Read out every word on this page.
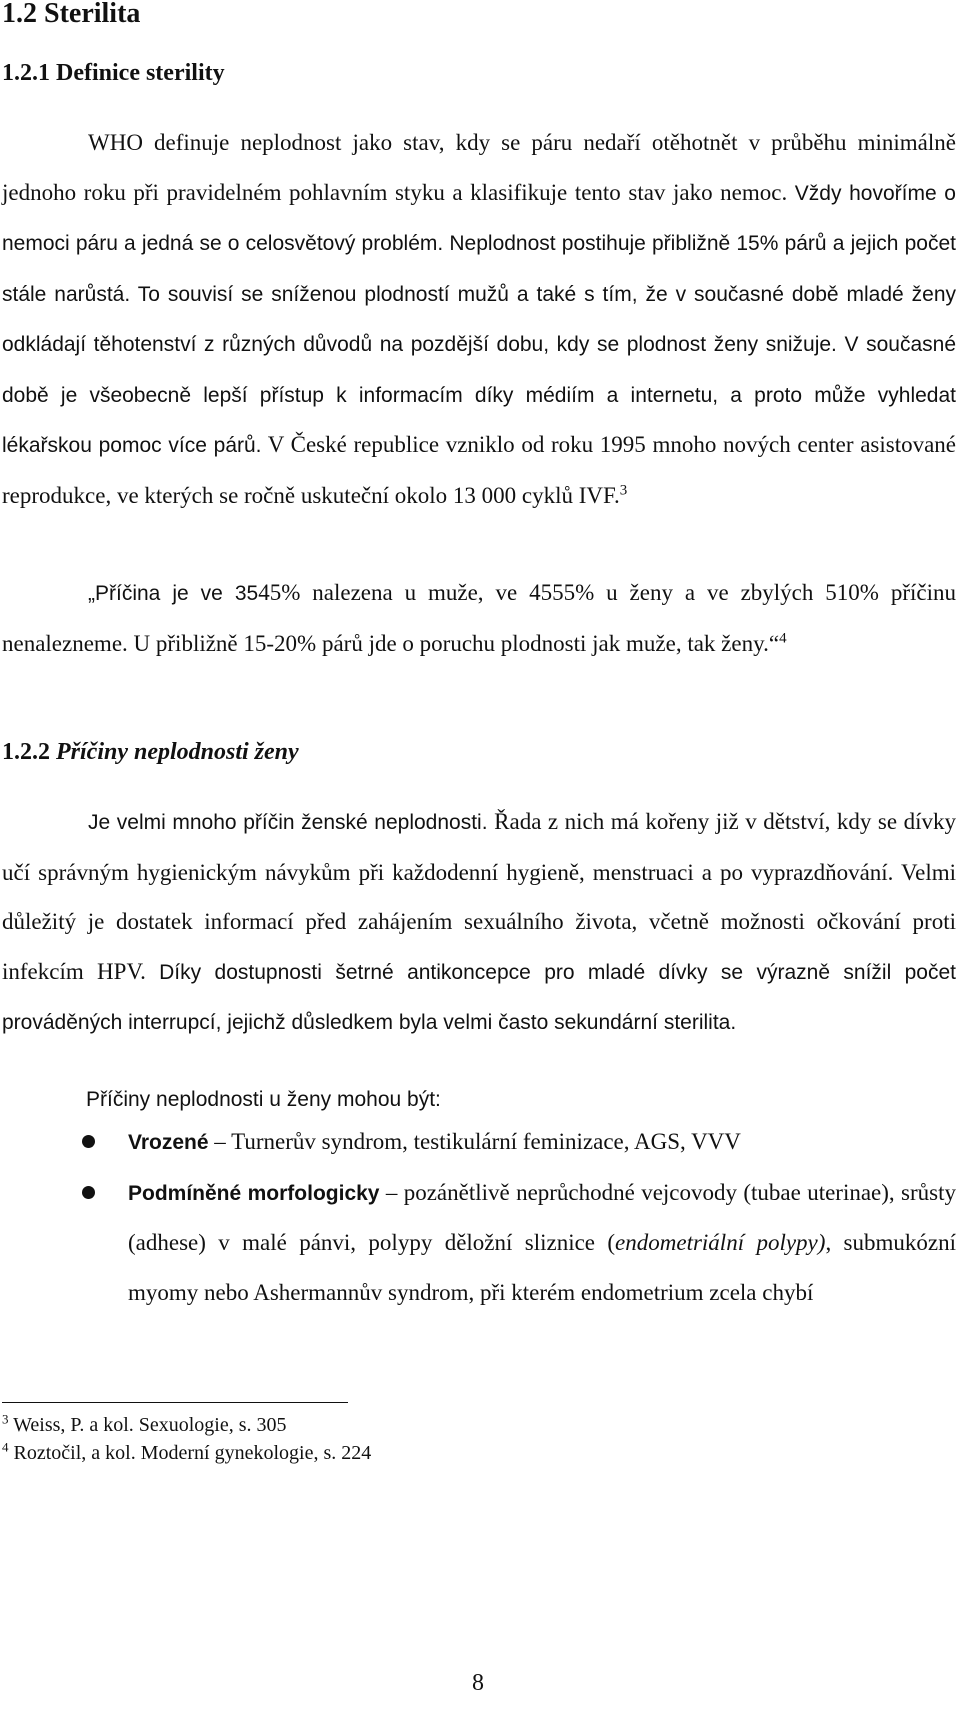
1.2 Sterilita
1.2.1 Definice sterility

WHO definuje neplodnost jako stav, kdy se páru nedaří otěhotnět v průběhu minimálně jednoho roku při pravidelném pohlavním styku a klasifikuje tento stav jako nemoc. Vždy hovoříme o nemoci páru a jedná se o celosvětový problém. Neplodnost postihuje přibližně 15% párů a jejich počet stále narůstá. To souvisí se sníženou plodností mužů a také s tím, že v současné době mladé ženy odkládají těhotenství z různých důvodů na pozdější dobu, kdy se plodnost ženy snižuje. V současné době je všeobecně lepší přístup k informacím díky médiím a internetu, a proto může vyhledat lékařskou pomoc více párů. V České republice vzniklo od roku 1995 mnoho nových center asistované reprodukce, ve kterých se ročně uskuteční okolo 13 000 cyklů IVF.$^3$

„Příčina je ve 3545% nalezena u muže, ve 4555% u ženy a ve zbylých 510% příčinu nenalezneme. U přibližně 15-20% párů jde o poruchu plodnosti jak muže, tak ženy.“$^4$

1.2.2 Příčiny neplodnosti ženy

Je velmi mnoho příčin ženské neplodnosti. Řada z nich má kořeny již v dětství, kdy se dívky učí správným hygienickým návykům při každodenní hygieně, menstruaci a po vyprazdňování. Velmi důležitý je dostatek informací před zahájením sexuálního života, včetně možnosti očkování proti infekcím HPV. Díky dostupnosti šetrné antikoncepce pro mladé dívky se výrazně snížil počet prováděných interrupcí, jejichž důsledkem byla velmi často sekundární sterilita.

Příčiny neplodnosti u ženy mohou být:

Vrozené – Turnerův syndrom, testikulární feminizace, AGS, VVV
Podmíněné morfologicky – pozánětlivě neprůchodné vejcovody (tubae uterinae), srůsty (adhese) v malé pánvi, polypy děložní sliznice (endometriální polypy), submukózní myomy nebo Ashermannův syndrom, při kterém endometrium zcela chybí
$^3$ Weiss, P. a kol. Sexuologie, s. 305
$^4$ Roztočil, a kol. Moderní gynekologie, s. 224
8
